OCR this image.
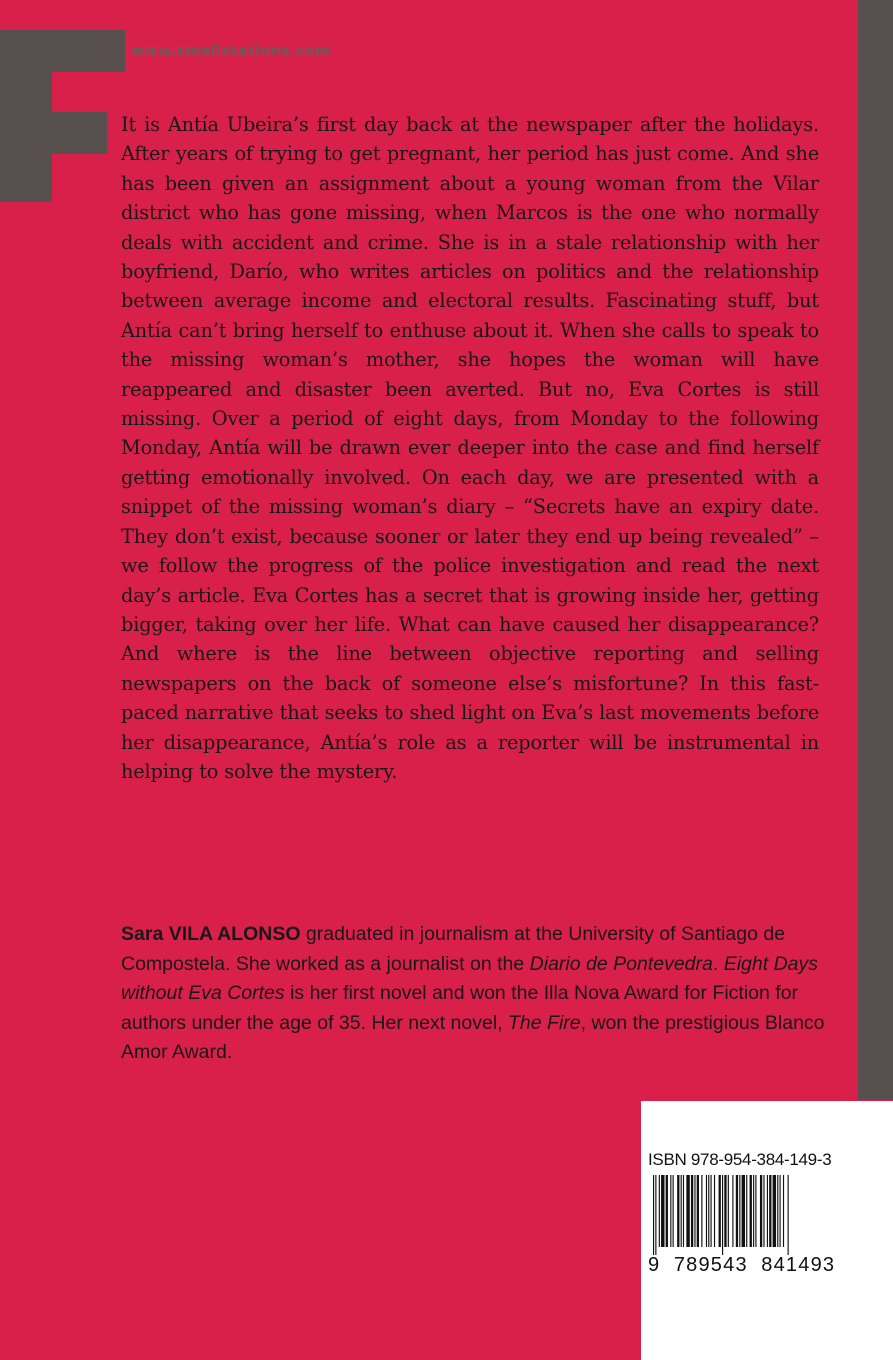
www.smallstations.com

It is Antía Ubeira’s first day back at the newspaper after the holidays. After years of trying to get pregnant, her period has just come. And she has been given an assignment about a young woman from the Vilar district who has gone missing, when Marcos is the one who normally deals with accident and crime. She is in a stale relationship with her boyfriend, Darío, who writes articles on politics and the relationship between average income and electoral results. Fascinating stuff, but Antía can’t bring herself to enthuse about it. When she calls to speak to the missing woman’s mother, she hopes the woman will have reappeared and disaster been averted. But no, Eva Cortes is still missing. Over a period of eight days, from Monday to the following Monday, Antía will be drawn ever deeper into the case and find herself getting emotionally involved. On each day, we are presented with a snippet of the missing woman’s diary – “Secrets have an expiry date. They don’t exist, because sooner or later they end up being revealed” – we follow the progress of the police investigation and read the next day’s article. Eva Cortes has a secret that is growing inside her, getting bigger, taking over her life. What can have caused her disappearance? And where is the line between objective reporting and selling newspapers on the back of someone else’s misfortune? In this fast-paced narrative that seeks to shed light on Eva’s last movements before her disappearance, Antía’s role as a reporter will be instrumental in helping to solve the mystery.

Sara VILA ALONSO graduated in journalism at the University of Santiago de Compostela. She worked as a journalist on the Diario de Pontevedra. Eight Days without Eva Cortes is her first novel and won the Illa Nova Award for Fiction for authors under the age of 35. Her next novel, The Fire, won the prestigious Blanco Amor Award.

ISBN 978-954-384-149-3
9  789543  841493
